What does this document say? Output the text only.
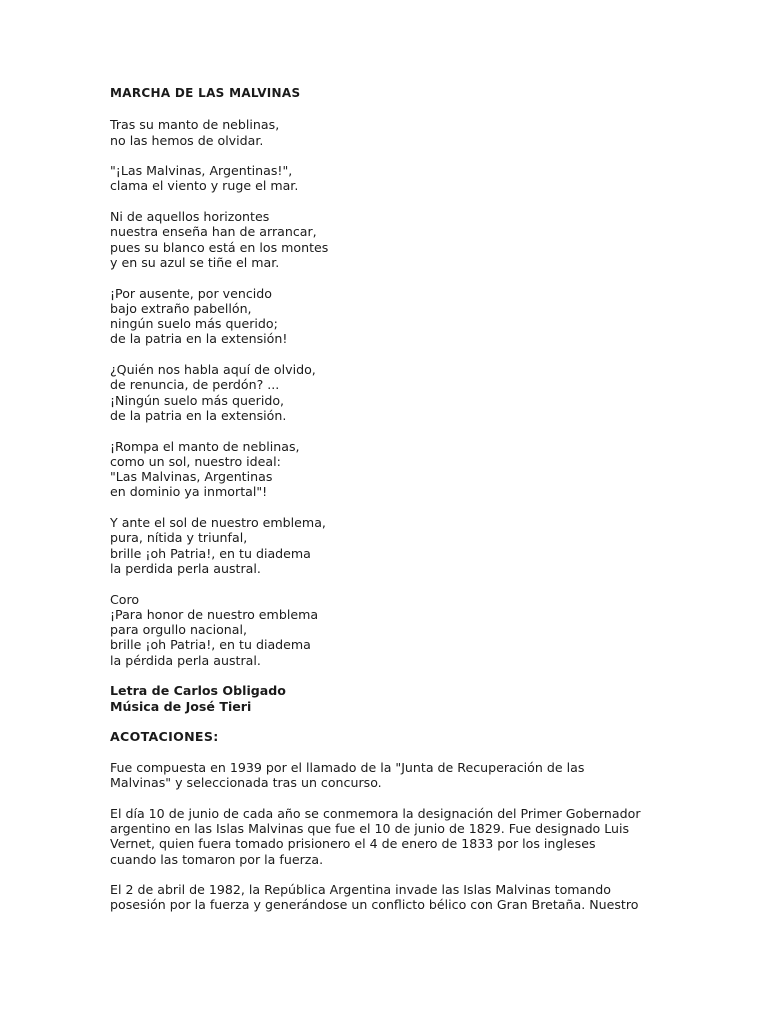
MARCHA DE LAS MALVINAS
Tras su manto de neblinas,
no las hemos de olvidar.
"¡Las Malvinas, Argentinas!",
clama el viento y ruge el mar.
Ni de aquellos horizontes
nuestra enseña han de arrancar,
pues su blanco está en los montes
y en su azul se tiñe el mar.
¡Por ausente, por vencido
bajo extraño pabellón,
ningún suelo más querido;
de la patria en la extensión!
¿Quién nos habla aquí de olvido,
de renuncia, de perdón? ...
¡Ningún suelo más querido,
de la patria en la extensión.
¡Rompa el manto de neblinas,
como un sol, nuestro ideal:
"Las Malvinas, Argentinas
en dominio ya inmortal"!
Y ante el sol de nuestro emblema,
pura, nítida y triunfal,
brille ¡oh Patria!, en tu diadema
la perdida perla austral.
Coro
¡Para honor de nuestro emblema
para orgullo nacional,
brille ¡oh Patria!, en tu diadema
la pérdida perla austral.
Letra de Carlos Obligado
Música de José Tieri
ACOTACIONES:
Fue compuesta en 1939 por el llamado de la "Junta de Recuperación de las
Malvinas" y seleccionada tras un concurso.
El día 10 de junio de cada año se conmemora la designación del Primer Gobernador
argentino en las Islas Malvinas que fue el 10 de junio de 1829. Fue designado Luis
Vernet, quien fuera tomado prisionero el 4 de enero de 1833 por los ingleses
cuando las tomaron por la fuerza.
El 2 de abril de 1982, la República Argentina invade las Islas Malvinas tomando
posesión por la fuerza y generándose un conflicto bélico con Gran Bretaña. Nuestro
